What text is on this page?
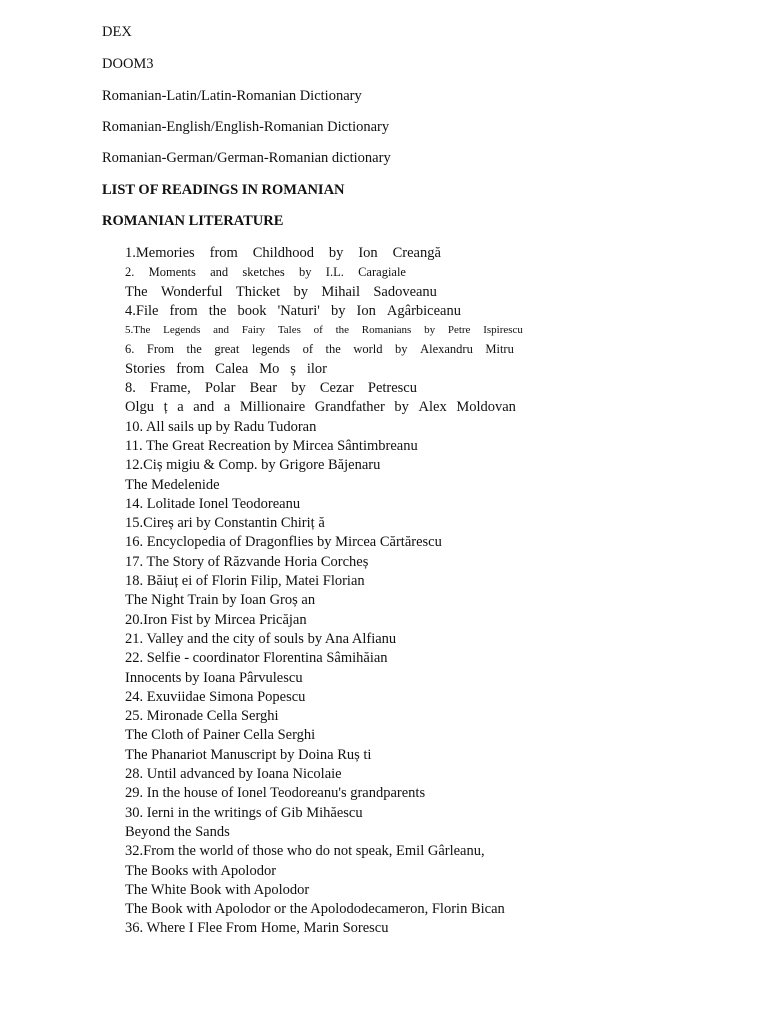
DEX
DOOM3
Romanian-Latin/Latin-Romanian Dictionary
Romanian-English/English-Romanian Dictionary
Romanian-German/German-Romanian dictionary
LIST OF READINGS IN ROMANIAN
ROMANIAN LITERATURE
1.Memories from Childhood by Ion Creangă
2. Moments and sketches by I.L. Caragiale
The Wonderful Thicket by Mihail Sadoveanu
4.File from the book 'Naturi' by Ion Agârbiceanu
5.The Legends and Fairy Tales of the Romanians by Petre Ispirescu
6. From the great legends of the world by Alexandru Mitru
Stories from Calea Mo ș ilor
8. Frame, Polar Bear by Cezar Petrescu
Olgu ț a and a Millionaire Grandfather by Alex Moldovan
10. All sails up by Radu Tudoran
11. The Great Recreation by Mircea Sântimbreanu
12.Ciș migiu & Comp. by Grigore Băjenaru
The Medelenide
14. Lolitade Ionel Teodoreanu
15.Cireș ari by Constantin Chiriț ă
16. Encyclopedia of Dragonflies by Mircea Cărtărescu
17. The Story of Răzvande Horia Corcheș
18. Băiuț ei of Florin Filip, Matei Florian
The Night Train by Ioan Groș an
20.Iron Fist by Mircea Pricăjan
21. Valley and the city of souls by Ana Alfianu
22. Selfie - coordinator Florentina Sâmihăian
Innocents by Ioana Pârvulescu
24. Exuviidae Simona Popescu
25. Mironade Cella Serghi
The Cloth of Painer Cella Serghi
The Phanariot Manuscript by Doina Ruș ti
28. Until advanced by Ioana Nicolaie
29. In the house of Ionel Teodoreanu's grandparents
30. Ierni in the writings of Gib Mihăescu
Beyond the Sands
32.From the world of those who do not speak, Emil Gârleanu,
The Books with Apolodor
The White Book with Apolodor
The Book with Apolodor or the Apolododecameron, Florin Bican
36. Where I Flee From Home, Marin Sorescu
